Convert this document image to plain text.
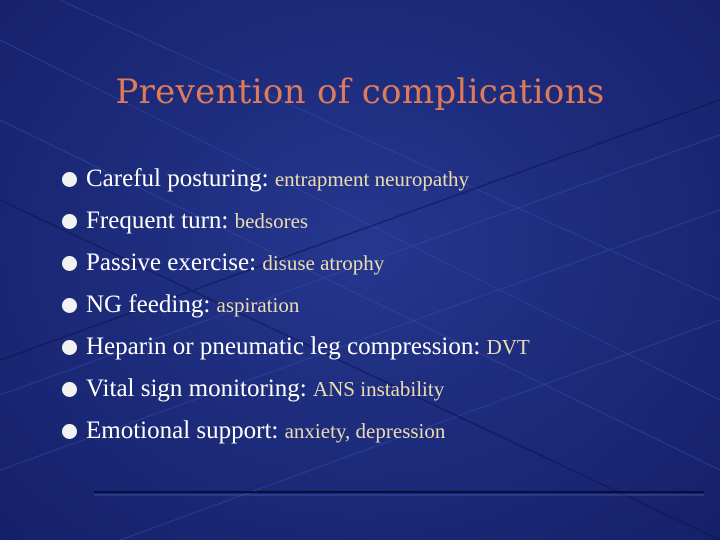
Prevention of complications
Careful posturing: entrapment neuropathy
Frequent turn: bedsores
Passive exercise: disuse atrophy
NG feeding: aspiration
Heparin or pneumatic leg compression: DVT
Vital sign monitoring: ANS instability
Emotional support: anxiety, depression
